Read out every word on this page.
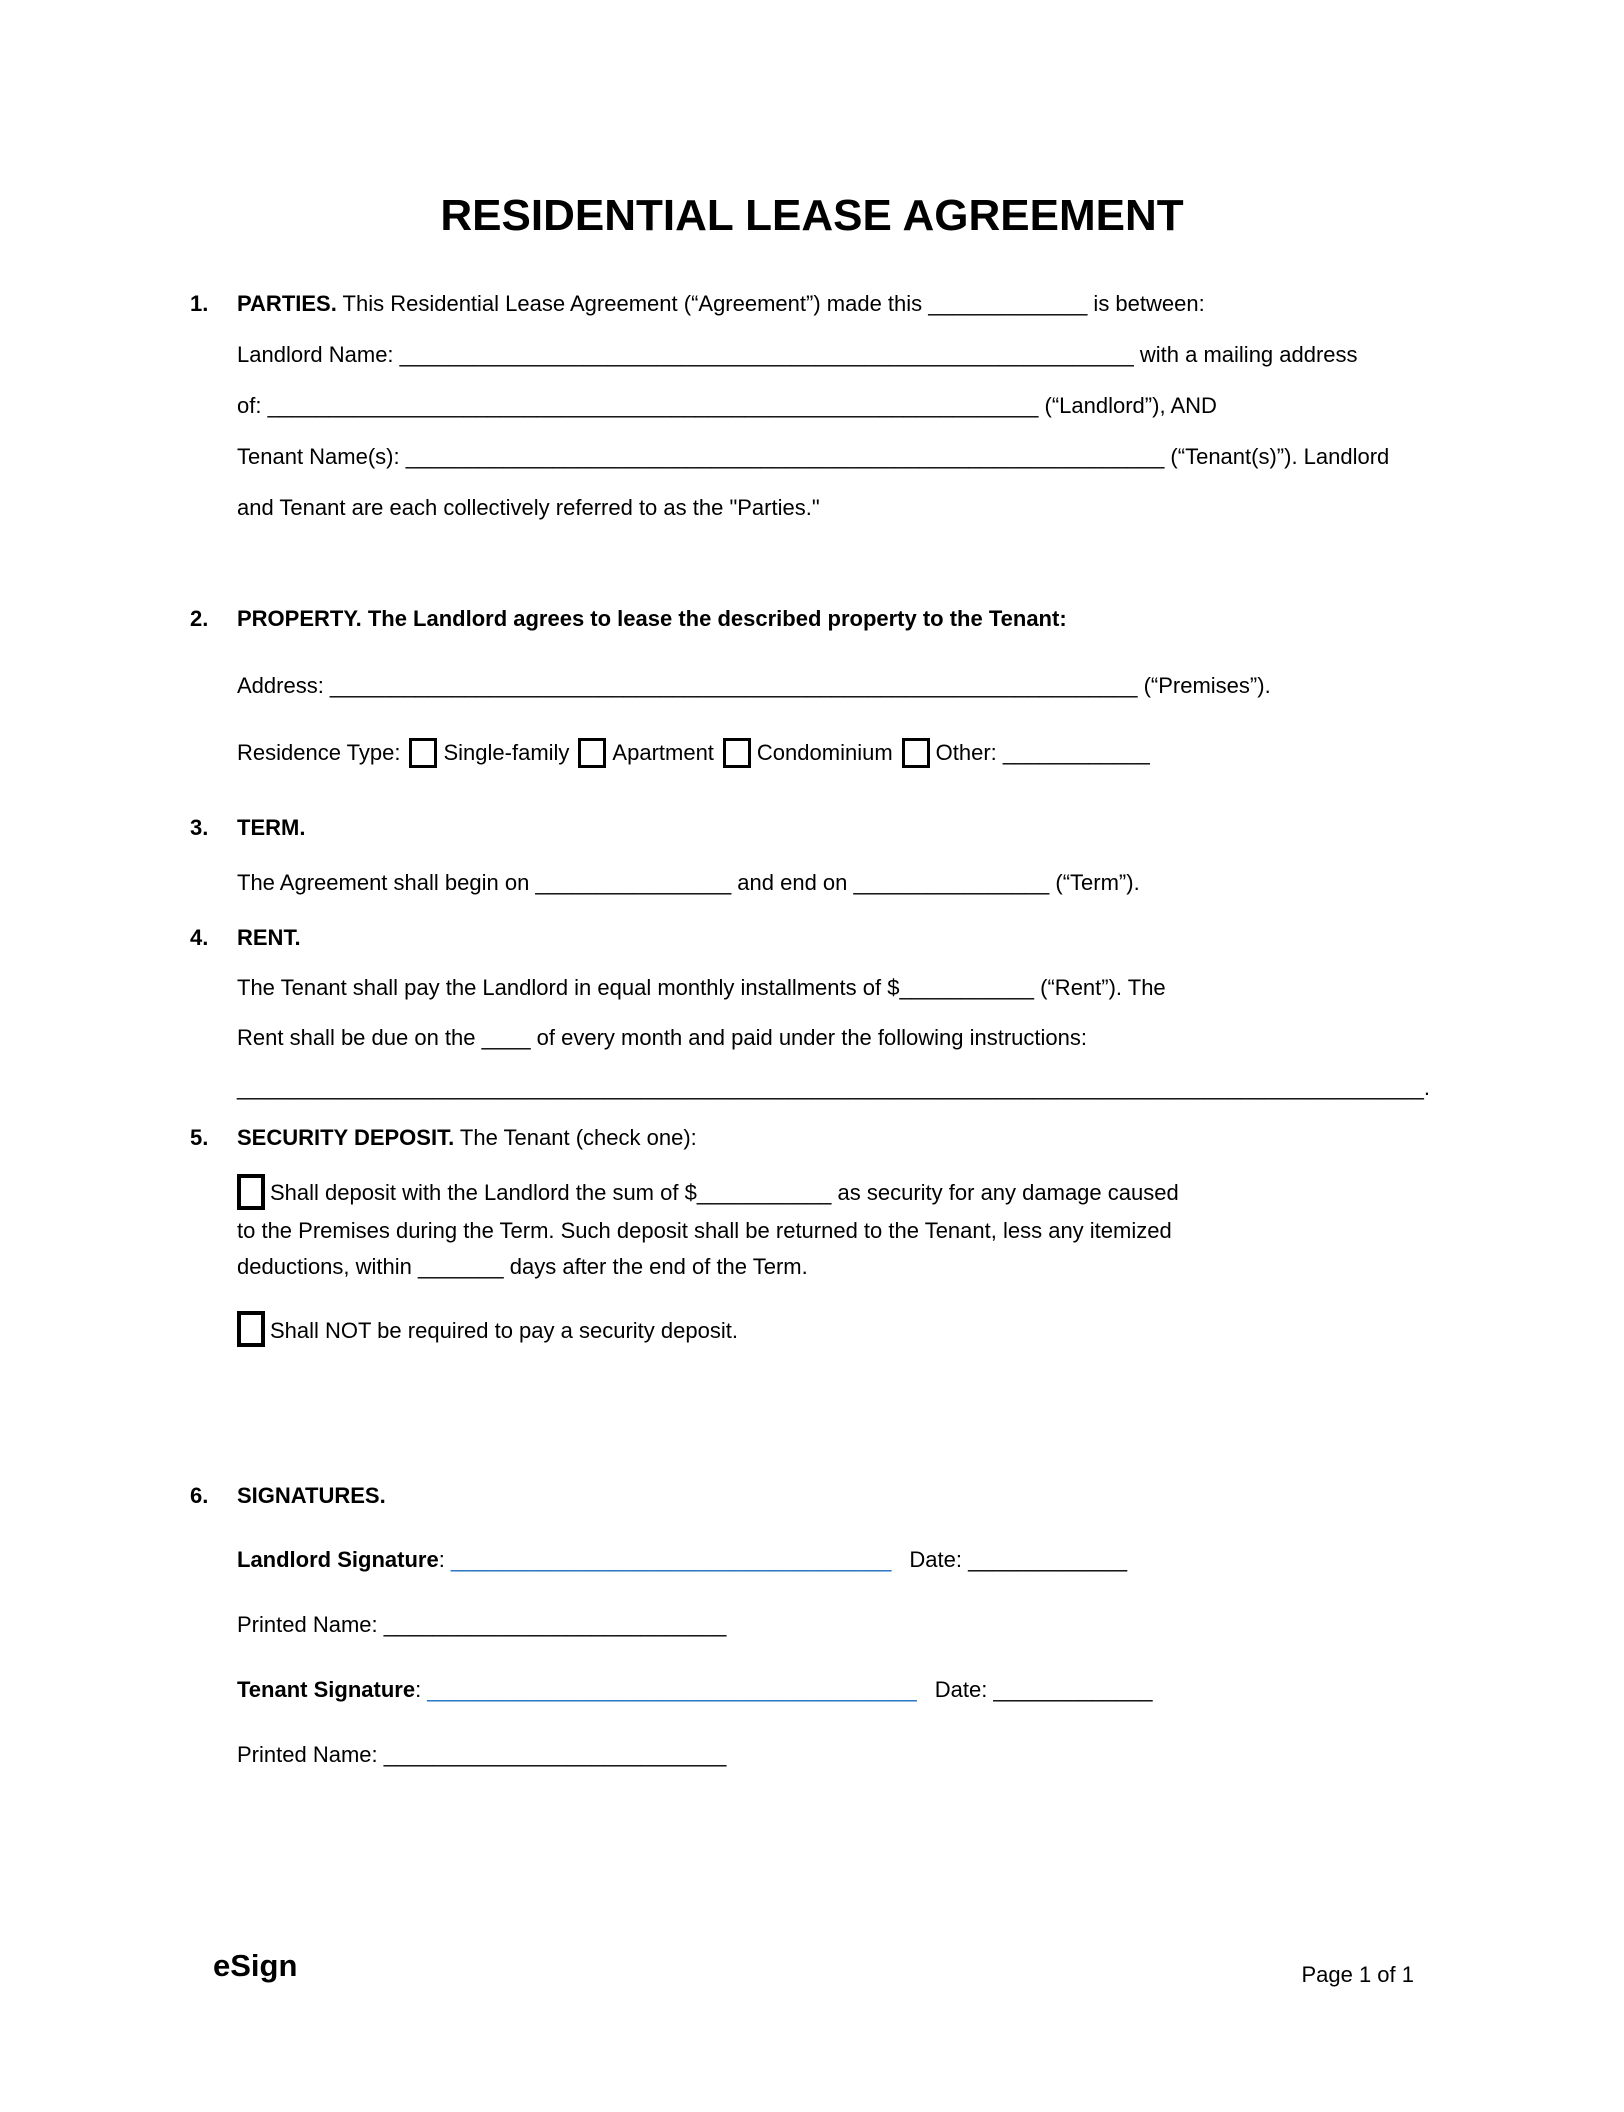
RESIDENTIAL LEASE AGREEMENT
1. PARTIES. This Residential Lease Agreement (“Agreement”) made this _____________ is between:

Landlord Name: ____________________________________________________________ with a mailing address

of: _______________________________________________________________ (“Landlord”), AND

Tenant Name(s): ______________________________________________________________ (“Tenant(s)”). Landlord

and Tenant are each collectively referred to as the "Parties."

2. PROPERTY. The Landlord agrees to lease the described property to the Tenant:

Address: __________________________________________________________________ (“Premises”).

Residence Type: Single-family Apartment Condominium Other: ____________

3. TERM.

The Agreement shall begin on ________________ and end on ________________ (“Term”).

4. RENT.

The Tenant shall pay the Landlord in equal monthly installments of $___________ (“Rent”). The

Rent shall be due on the ____ of every month and paid under the following instructions:

_________________________________________________________________________________________________.

5. SECURITY DEPOSIT. The Tenant (check one):

Shall deposit with the Landlord the sum of $___________ as security for any damage caused

to the Premises during the Term. Such deposit shall be returned to the Tenant, less any itemized

deductions, within _______ days after the end of the Term.

Shall NOT be required to pay a security deposit.

6. SIGNATURES.

Landlord Signature: ____________________________________ Date: _____________

Printed Name: ____________________________

Tenant Signature: ________________________________________ Date: _____________

Printed Name: ____________________________

eSign	Page 1 of 1
